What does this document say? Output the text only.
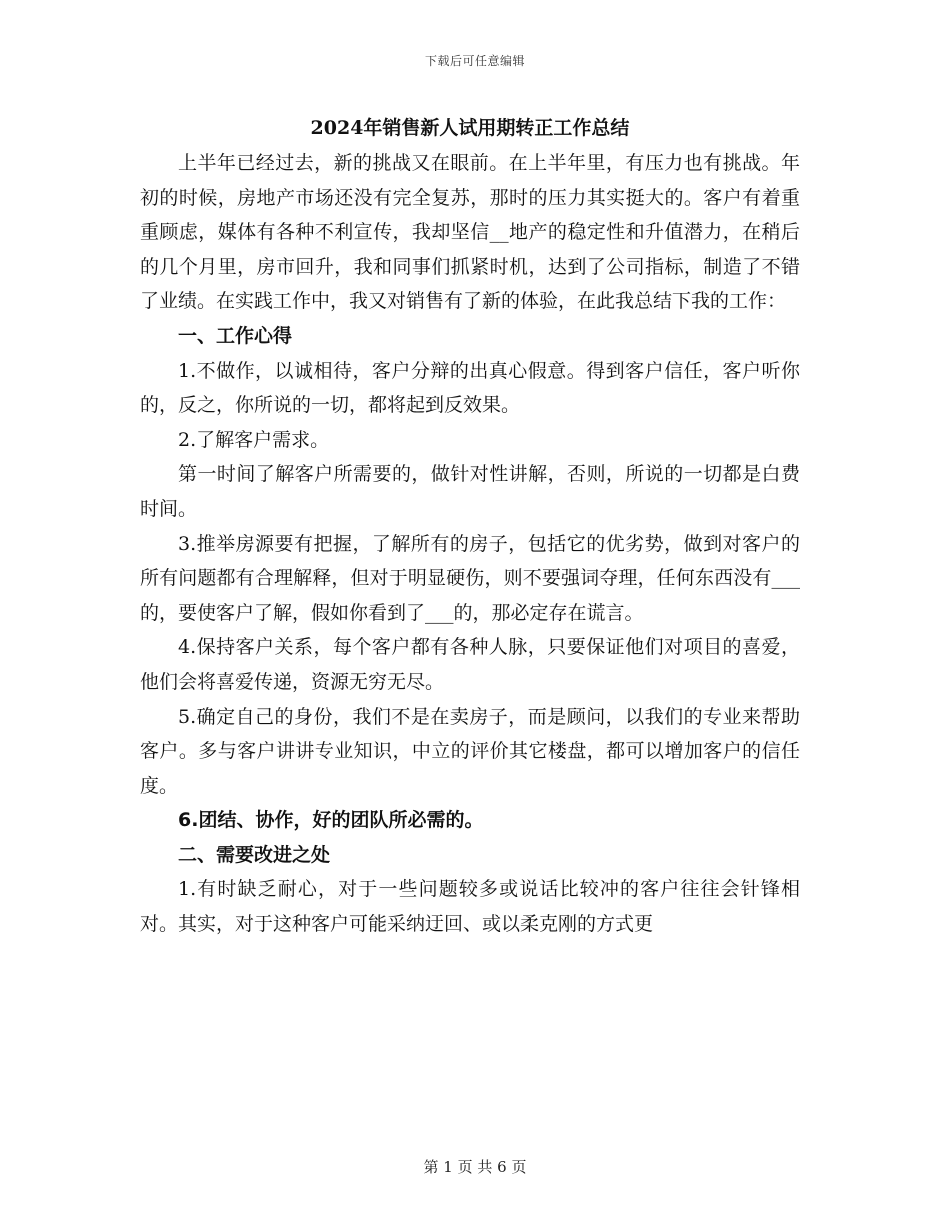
下载后可任意编辑
2024年销售新人试用期转正工作总结

上半年已经过去，新的挑战又在眼前。在上半年里，有压力也有挑战。年初的时候，房地产市场还没有完全复苏，那时的压力其实挺大的。客户有着重重顾虑，媒体有各种不利宣传，我却坚信__地产的稳定性和升值潜力，在稍后的几个月里，房市回升，我和同事们抓紧时机，达到了公司指标，制造了不错了业绩。在实践工作中，我又对销售有了新的体验，在此我总结下我的工作：

一、工作心得

1.不做作，以诚相待，客户分辩的出真心假意。得到客户信任，客户听你的，反之，你所说的一切，都将起到反效果。

2.了解客户需求。

第一时间了解客户所需要的，做针对性讲解，否则，所说的一切都是白费时间。

3.推举房源要有把握，了解所有的房子，包括它的优劣势，做到对客户的所有问题都有合理解释，但对于明显硬伤，则不要强词夺理，任何东西没有___的，要使客户了解，假如你看到了___的，那必定存在谎言。

4.保持客户关系，每个客户都有各种人脉，只要保证他们对项目的喜爱，他们会将喜爱传递，资源无穷无尽。

5.确定自己的身份，我们不是在卖房子，而是顾问，以我们的专业来帮助客户。多与客户讲讲专业知识，中立的评价其它楼盘，都可以增加客户的信任度。

6.团结、协作，好的团队所必需的。

二、需要改进之处

1.有时缺乏耐心，对于一些问题较多或说话比较冲的客户往往会针锋相对。其实，对于这种客户可能采纳迂回、或以柔克刚的方式更

第 1 页 共 6 页
